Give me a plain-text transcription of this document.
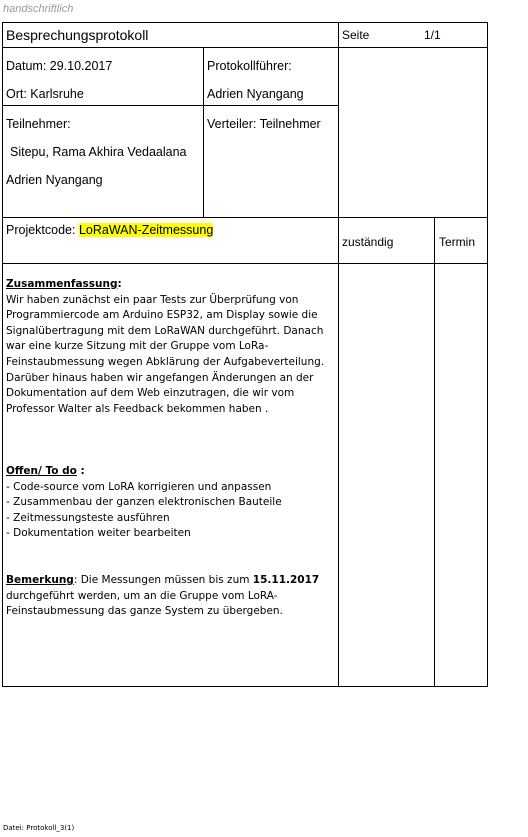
handschriftlich
Besprechungsprotokoll	Seite	1/1
Datum: 29.10.2017
Ort: Karlsruhe
Protokollführer:
Adrien Nyangang
Teilnehmer:
Sitepu, Rama Akhira Vedaalana
Adrien Nyangang
Verteiler: Teilnehmer
Projektcode: LoRaWAN-Zeitmessung
zuständig	Termin
Zusammenfassung:
Wir haben zunächst ein paar Tests zur Überprüfung von
Programmiercode am Arduino ESP32, am Display sowie die
Signalübertragung mit dem LoRaWAN durchgeführt. Danach
war eine kurze Sitzung mit der Gruppe vom LoRa-
Feinstaubmessung wegen Abklärung der Aufgabeverteilung.
Darüber hinaus haben wir angefangen Änderungen an der
Dokumentation auf dem Web einzutragen, die wir vom
Professor Walter als Feedback bekommen haben .
Offen/ To do :
- Code-source vom LoRA korrigieren und anpassen
- Zusammenbau der ganzen elektronischen Bauteile
- Zeitmessungsteste ausführen
- Dokumentation weiter bearbeiten
Bemerkung: Die Messungen müssen bis zum 15.11.2017
durchgeführt werden, um an die Gruppe vom LoRA-
Feinstaubmessung das ganze System zu übergeben.
Datei: Protokoll_3(1)
